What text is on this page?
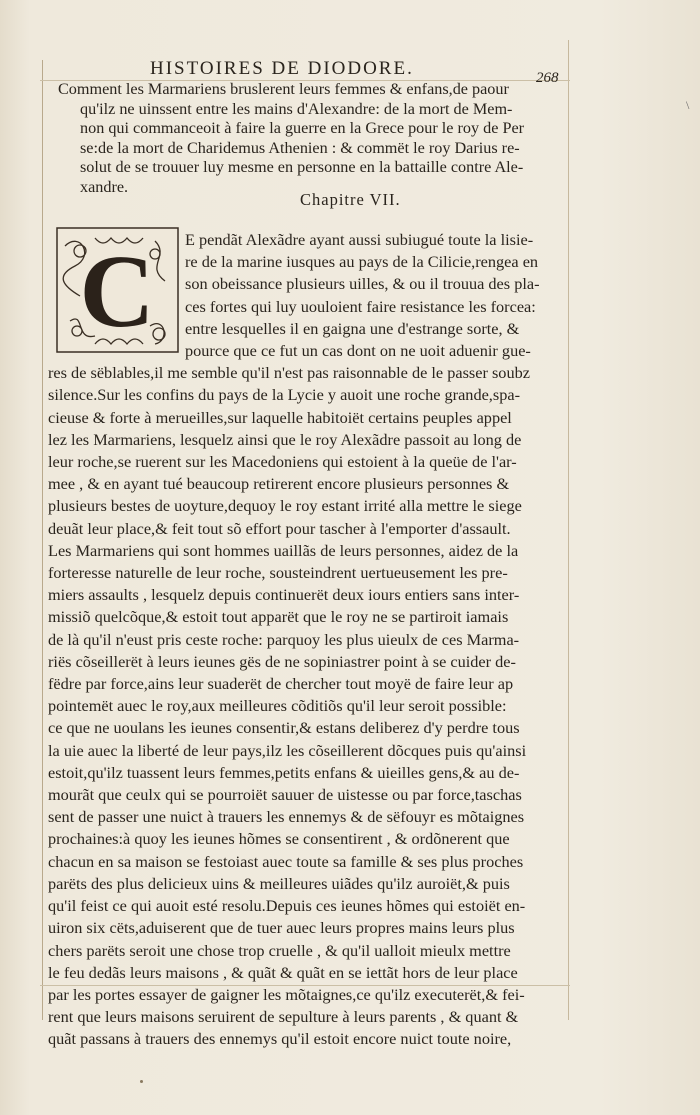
HISTOIRES DE DIODORE.	268
\
Comment les Marmariens bruslerent leurs femmes & enfans,de paour
qu'ilz ne uinssent entre les mains d'Alexandre: de la mort de Mem-
non qui commanceoit à faire la guerre en la Grece pour le roy de Per
se:de la mort de Charidemus Athenien : & commët le roy Darius re-
solut de se trouuer luy mesme en personne en la battaille contre Ale-
xandre.
Chapitre VII.
C	E pendãt Alexãdre ayant aussi subiugué toute la lisie-
re de la marine iusques au pays de la Cilicie,rengea en
son obeissance plusieurs uilles, & ou il trouua des pla-
ces fortes qui luy uouloient faire resistance les forcea:
entre lesquelles il en gaigna une d'estrange sorte, &
pource que ce fut un cas dont on ne uoit aduenir gue-
res de sëblables,il me semble qu'il n'est pas raisonnable de le passer soubz
silence.Sur les confins du pays de la Lycie y auoit une roche grande,spa-
cieuse & forte à merueilles,sur laquelle habitoiët certains peuples appel
lez les Marmariens, lesquelz ainsi que le roy Alexãdre passoit au long de
leur roche,se ruerent sur les Macedoniens qui estoient à la queüe de l'ar-
mee , & en ayant tué beaucoup retirerent encore plusieurs personnes &
plusieurs bestes de uoyture,dequoy le roy estant irrité alla mettre le siege
deuãt leur place,& feit tout sõ effort pour tascher à l'emporter d'assault.
Les Marmariens qui sont hommes uaillãs de leurs personnes, aidez de la
forteresse naturelle de leur roche, sousteindrent uertueusement les pre-
miers assaults , lesquelz depuis continuerët deux iours entiers sans inter-
missiõ quelcõque,& estoit tout apparët que le roy ne se partiroit iamais
de là qu'il n'eust pris ceste roche: parquoy les plus uieulx de ces Marma-
riës cõseillerët à leurs ieunes gës de ne sopiniastrer point à se cuider de-
fëdre par force,ains leur suaderët de chercher tout moyë de faire leur ap
pointemët auec le roy,aux meilleures cõditiõs qu'il leur seroit possible:
ce que ne uoulans les ieunes consentir,& estans deliberez d'y perdre tous
la uie auec la liberté de leur pays,ilz les cõseillerent dõcques puis qu'ainsi
estoit,qu'ilz tuassent leurs femmes,petits enfans & uieilles gens,& au de-
mourãt que ceulx qui se pourroiët sauuer de uistesse ou par force,taschas
sent de passer une nuict à trauers les ennemys & de sëfouyr es mõtaignes
prochaines:à quoy les ieunes hõmes se consentirent , & ordõnerent que
chacun en sa maison se festoiast auec toute sa famille & ses plus proches
parëts des plus delicieux uins & meilleures uiãdes qu'ilz auroiët,& puis
qu'il feist ce qui auoit esté resolu.Depuis ces ieunes hõmes qui estoiët en-
uiron six cëts,aduiserent que de tuer auec leurs propres mains leurs plus
chers parëts seroit une chose trop cruelle , & qu'il ualloit mieulx mettre
le feu dedãs leurs maisons , & quãt & quãt en se iettãt hors de leur place
par les portes essayer de gaigner les mõtaignes,ce qu'ilz executerët,& fei-
rent que leurs maisons seruirent de sepulture à leurs parents , & quant &
quãt passans à trauers des ennemys qu'il estoit encore nuict toute noire,
